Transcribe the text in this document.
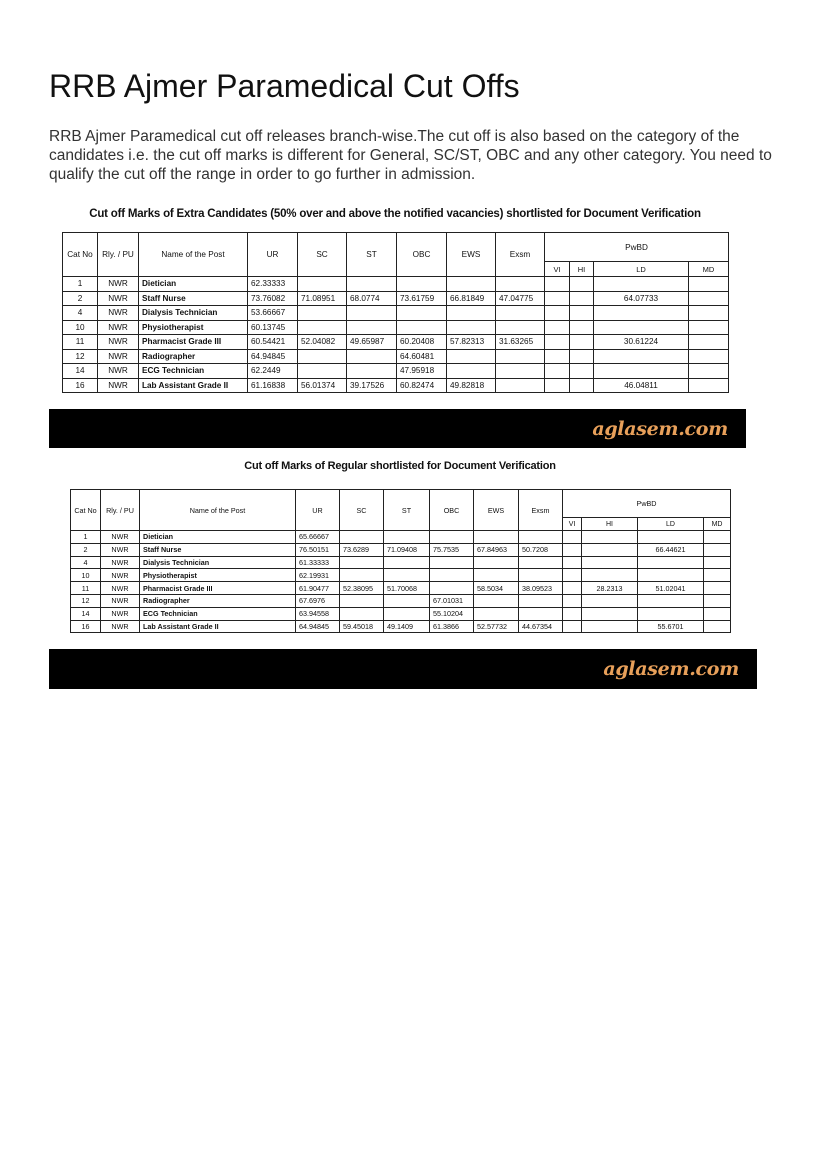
RRB Ajmer Paramedical Cut Offs

RRB Ajmer Paramedical cut off releases branch-wise.The cut off is also based on the category of the candidates i.e. the cut off marks is different for General, SC/ST, OBC and any other category. You need to qualify the cut off the range in order to go further in admission.

Cut off Marks of Extra Candidates (50% over and above the notified vacancies) shortlisted for Document Verification
Cat No	Rly. / PU	Name of the Post	UR	SC	ST	OBC	EWS	Exsm	PwBD			
									VI	HI	LD	MD
1	NWR	Dietician	62.33333									
2	NWR	Staff Nurse	73.76082	71.08951	68.0774	73.61759	66.81849	47.04775			64.07733	
4	NWR	Dialysis Technician	53.66667									
10	NWR	Physiotherapist	60.13745									
11	NWR	Pharmacist Grade III	60.54421	52.04082	49.65987	60.20408	57.82313	31.63265			30.61224	
12	NWR	Radiographer	64.94845			64.60481						
14	NWR	ECG Technician	62.2449			47.95918						
16	NWR	Lab Assistant Grade II	61.16838	56.01374	39.17526	60.82474	49.82818				46.04811	
aglasem.com
Cut off Marks of Regular shortlisted for Document Verification
Cat No	Rly. / PU	Name of the Post	UR	SC	ST	OBC	EWS	Exsm	PwBD			
									VI	HI	LD	MD
1	NWR	Dietician	65.66667									
2	NWR	Staff Nurse	76.50151	73.6289	71.09408	75.7535	67.84963	50.7208			66.44621	
4	NWR	Dialysis Technician	61.33333									
10	NWR	Physiotherapist	62.19931									
11	NWR	Pharmacist Grade III	61.90477	52.38095	51.70068		58.5034	38.09523		28.2313	51.02041	
12	NWR	Radiographer	67.6976			67.01031						
14	NWR	ECG Technician	63.94558			55.10204						
16	NWR	Lab Assistant Grade II	64.94845	59.45018	49.1409	61.3866	52.57732	44.67354			55.6701	
aglasem.com
